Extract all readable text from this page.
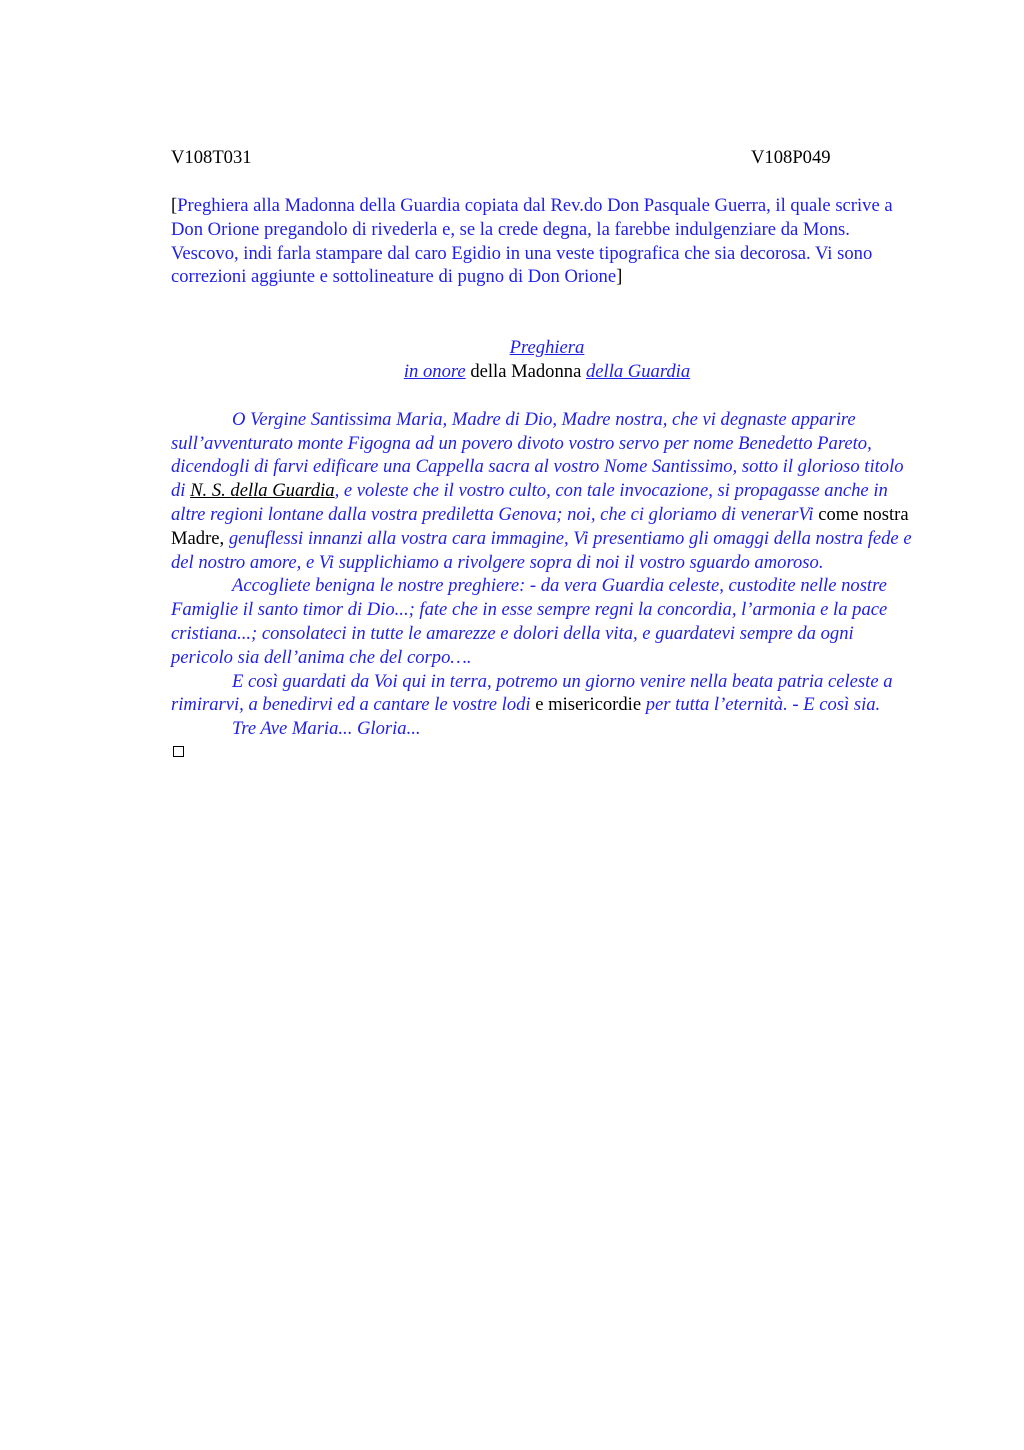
V108T031	V108P049
[Preghiera alla Madonna della Guardia copiata dal Rev.do Don Pasquale Guerra, il quale scrive a Don Orione pregandolo di rivederla e, se la crede degna, la farebbe indulgenziare da Mons. Vescovo, indi farla stampare dal caro Egidio in una veste tipografica che sia decorosa. Vi sono correzioni aggiunte e sottolineature di pugno di Don Orione]
Preghiera
in onore della Madonna della Guardia

O Vergine Santissima Maria, Madre di Dio, Madre nostra, che vi degnaste apparire sull’avventurato monte Figogna ad un povero divoto vostro servo per nome Benedetto Pareto, dicendogli di farvi edificare una Cappella sacra al vostro Nome Santissimo, sotto il glorioso titolo di N. S. della Guardia, e voleste che il vostro culto, con tale invocazione, si propagasse anche in altre regioni lontane dalla vostra prediletta Genova; noi, che ci gloriamo di venerarVi come nostra Madre, genuflessi innanzi alla vostra cara immagine, Vi presentiamo gli omaggi della nostra fede e del nostro amore, e Vi supplichiamo a rivolgere sopra di noi il vostro sguardo amoroso.

Accogliete benigna le nostre preghiere: - da vera Guardia celeste, custodite nelle nostre Famiglie il santo timor di Dio...; fate che in esse sempre regni la concordia, l’armonia e la pace cristiana...; consolateci in tutte le amarezze e dolori della vita, e guardatevi sempre da ogni pericolo sia dell’anima che del corpo….

E così guardati da Voi qui in terra, potremo un giorno venire nella beata patria celeste a rimirarvi, a benedirvi ed a cantare le vostre lodi e misericordie per tutta l’eternità. - E così sia.

Tre Ave Maria... Gloria...
